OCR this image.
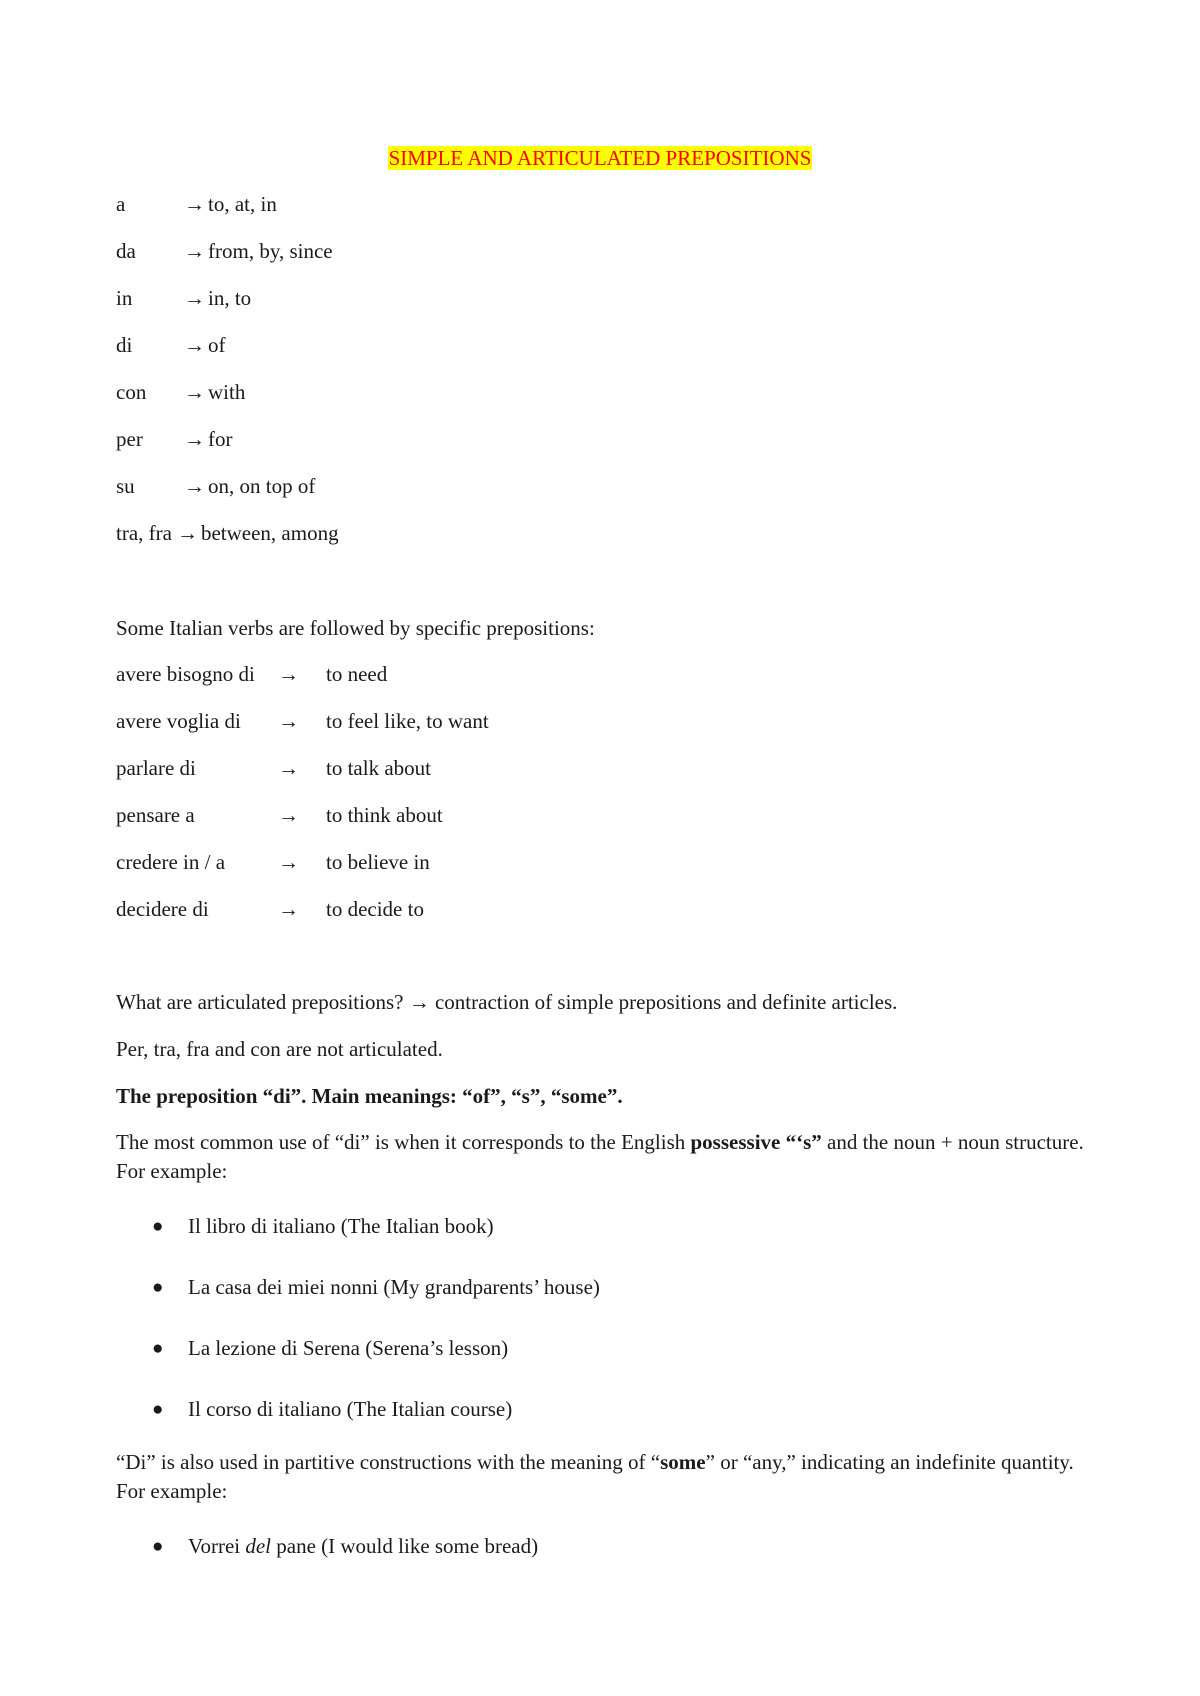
SIMPLE AND ARTICULATED PREPOSITIONS
a	→ to, at, in
da	→ from, by, since
in	→ in, to
di	→ of
con	→ with
per	→ for
su	→ on, on top of
tra, fra → between, among
Some Italian verbs are followed by specific prepositions:
avere bisogno di	→	to need
avere voglia di	→	to feel like, to want
parlare di	→	to talk about
pensare a	→	to think about
credere in / a	→	to believe in
decidere di	→	to decide to
What are articulated prepositions? → contraction of simple prepositions and definite articles.
Per, tra, fra and con are not articulated.
The preposition “di”. Main meanings: “of”, “s”, “some”.
The most common use of “di” is when it corresponds to the English possessive “‘s” and the noun + noun structure. For example:
●	Il libro di italiano (The Italian book)
●	La casa dei miei nonni (My grandparents’ house)
●	La lezione di Serena (Serena’s lesson)
●	Il corso di italiano (The Italian course)
“Di” is also used in partitive constructions with the meaning of “some” or “any,” indicating an indefinite quantity. For example:
●	Vorrei del pane (I would like some bread)
